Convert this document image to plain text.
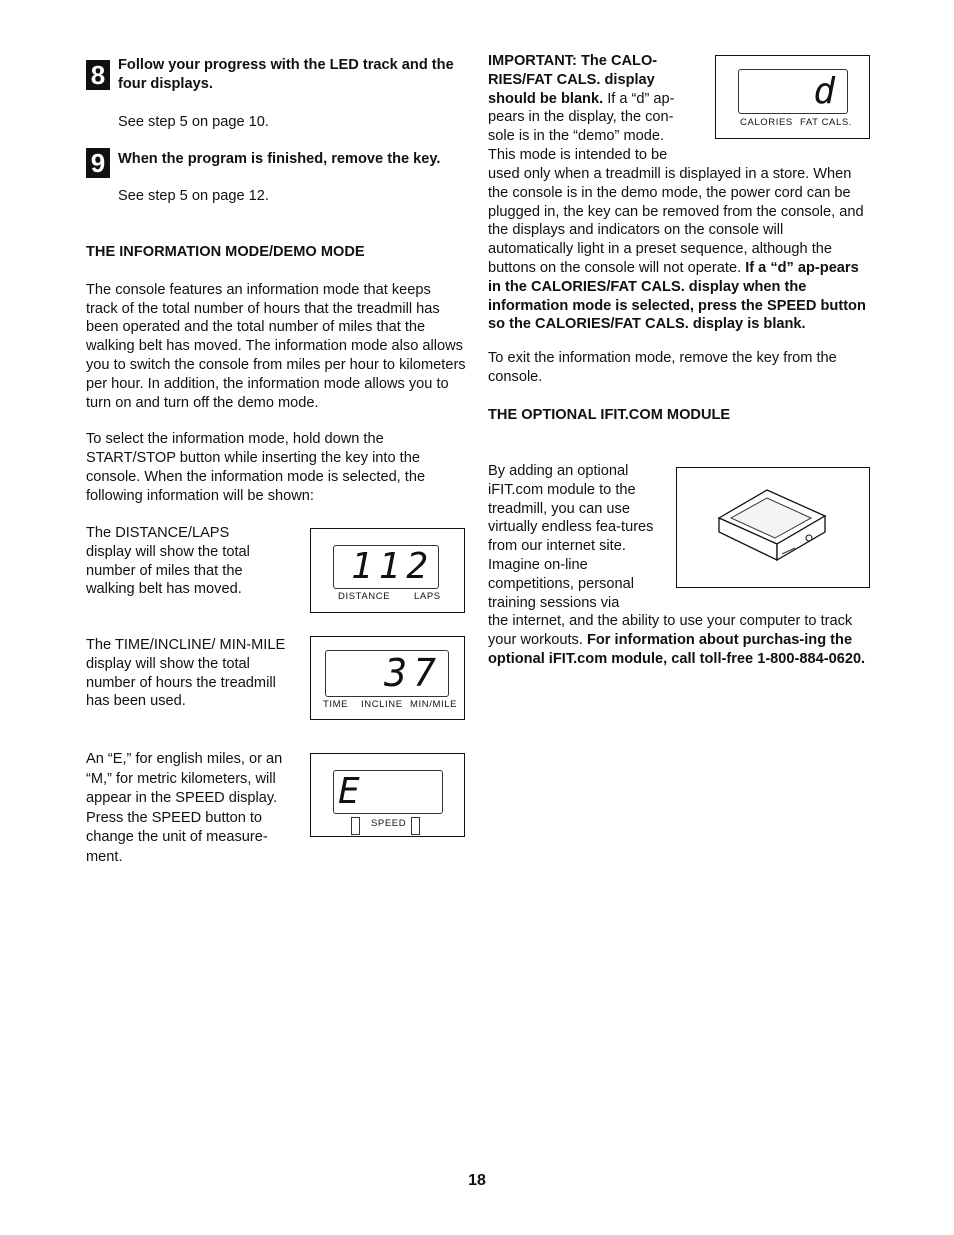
8 Follow your progress with the LED track and the four displays.

See step 5 on page 10.

9 When the program is finished, remove the key.

See step 5 on page 12.

THE INFORMATION MODE/DEMO MODE

The console features an information mode that keeps track of the total number of hours that the treadmill has been operated and the total number of miles that the walking belt has moved. The information mode also allows you to switch the console from miles per hour to kilometers per hour. In addition, the information mode allows you to turn on and turn off the demo mode.

To select the information mode, hold down the START/STOP button while inserting the key into the console. When the information mode is selected, the following information will be shown:

The DISTANCE/LAPS display will show the total number of miles that the walking belt has moved.

The TIME/INCLINE/ MIN-MILE display will show the total number of hours the treadmill has been used.

An “E,” for english miles, or an “M,” for metric kilometers, will appear in the SPEED display. Press the SPEED button to change the unit of measure-ment.

112
DISTANCE	LAPS
37
TIME INCLINE MIN/MILE
E
SPEED
IMPORTANT: The CALO-RIES/FAT CALS. display should be blank. If a “d” ap-pears in the display, the con-sole is in the “demo” mode. This mode is intended to be
d
CALORIES FAT CALS.

used only when a treadmill is displayed in a store. When the console is in the demo mode, the power cord can be plugged in, the key can be removed from the console, and the displays and indicators on the console will automatically light in a preset sequence, although the buttons on the console will not operate. If a “d” ap-pears in the CALORIES/FAT CALS. display when the information mode is selected, press the SPEED button so the CALORIES/FAT CALS. display is blank.

To exit the information mode, remove the key from the console.

THE OPTIONAL IFIT.COM MODULE

By adding an optional iFIT.com module to the treadmill, you can use virtually endless fea-tures from our internet site. Imagine on-line competitions, personal training sessions via

the internet, and the ability to use your computer to track your workouts. For information about purchas-ing the optional iFIT.com module, call toll-free 1-800-884-0620.

18
